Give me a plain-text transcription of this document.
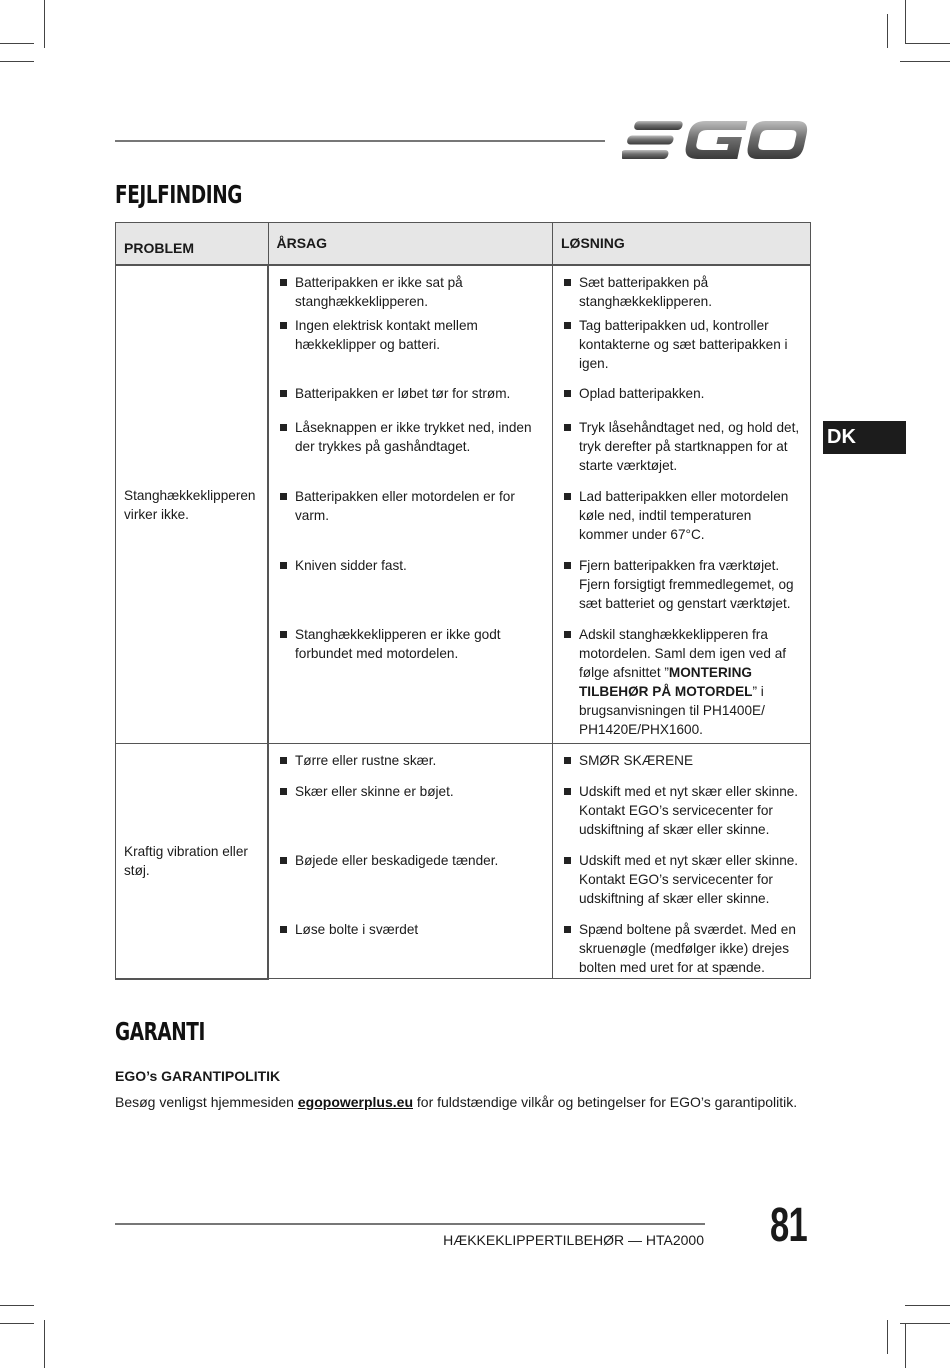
FEJLFINDING
DK
PROBLEM	ÅRSAG	LØSNING
Stanghækkeklipperen virker ikke.	Batteripakken er ikke sat på stanghækkeklipperen.	Sæt batteripakken på stanghækkeklipperen.

	Ingen elektrisk kontakt mellem hækkeklipper og batteri.	Tag batteripakken ud, kontroller kontakterne og sæt batteripakken i igen.

	Batteripakken er løbet tør for strøm.	Oplad batteripakken.

	Låseknappen er ikke trykket ned, inden der trykkes på gashåndtaget.	Tryk låsehåndtaget ned, og hold det, tryk derefter på startknappen for at starte værktøjet.

	Batteripakken eller motordelen er for varm.	Lad batteripakken eller motordelen køle ned, indtil temperaturen kommer under 67°C.

	Kniven sidder fast.	Fjern batteripakken fra værktøjet. Fjern forsigtigt fremmedlegemet, og sæt batteriet og genstart værktøjet.

	Stanghækkeklipperen er ikke godt forbundet med motordelen.	Adskil stanghækkeklipperen fra motordelen. Saml dem igen ved af følge afsnittet ”MONTERING TILBEHØR PÅ MOTORDEL” i brugsanvisningen til PH1400E/ PH1420E/PHX1600.

Kraftig vibration eller støj.	Tørre eller rustne skær.	SMØR SKÆRENE

	Skær eller skinne er bøjet.	Udskift med et nyt skær eller skinne. Kontakt EGO’s servicecenter for udskiftning af skær eller skinne.

	Bøjede eller beskadigede tænder.	Udskift med et nyt skær eller skinne. Kontakt EGO’s servicecenter for udskiftning af skær eller skinne.

	Løse bolte i sværdet	Spænd boltene på sværdet. Med en skruenøgle (medfølger ikke) drejes bolten med uret for at spænde.
GARANTI
EGO’s GARANTIPOLITIK
Besøg venligst hjemmesiden egopowerplus.eu for fuldstændige vilkår og betingelser for EGO’s garantipolitik.
HÆKKEKLIPPERTILBEHØR — HTA2000 81
